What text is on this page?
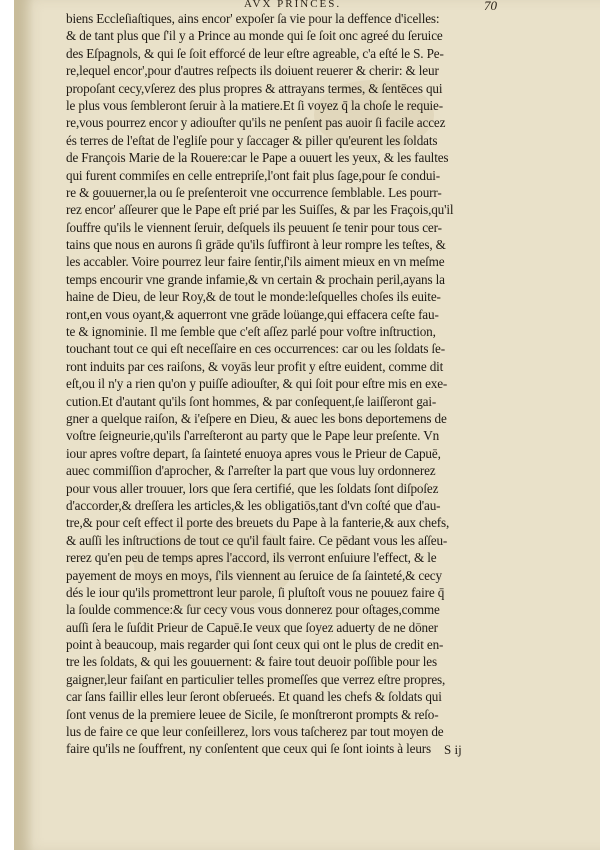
AVX PRINCES.	70
biens Eccleſiaſtiques, ains encor' expoſer ſa vie pour la deffence d'icelles:
& de tant plus que ſ'il y a Prince au monde qui ſe ſoit onc agreé du ſeruice
des Eſpagnols, & qui ſe ſoit efforcé de leur eſtre agreable, c'a eſté le S. Pe-
re,lequel encor',pour d'autres reſpects ils doiuent reuerer & cherir: & leur
propoſant cecy,vſerez des plus propres & attrayans termes, & ſentēces qui
le plus vous ſembleront ſeruir à la matiere.Et ſi voyez q̄ la choſe le requie-
re,vous pourrez encor y adiouſter qu'ils ne penſent pas auoir ſi facile accez
és terres de l'eſtat de l'egliſe pour y ſaccager & piller qu'eurent les ſoldats
de François Marie de la Rouere:car le Pape a ouuert les yeux, & les faultes
qui furent commiſes en celle entrepriſe,l'ont fait plus ſage,pour ſe condui-
re & gouuerner,la ou ſe preſenteroit vne occurrence ſemblable. Les pourr-
rez encor' aſſeurer que le Pape eſt prié par les Suiſſes, & par les Fraçois,qu'il
ſouffre qu'ils le viennent ſeruir, deſquels ils peuuent ſe tenir pour tous cer-
tains que nous en aurons ſi grāde qu'ils ſuffiront à leur rompre les teſtes, &
les accabler. Voire pourrez leur faire ſentir,ſ'ils aiment mieux en vn meſme
temps encourir vne grande infamie,& vn certain & prochain peril,ayans la
haine de Dieu, de leur Roy,& de tout le monde:leſquelles choſes ils euite-
ront,en vous oyant,& aquerront vne grāde loüange,qui effacera ceſte fau-
te & ignominie. Il me ſemble que c'eſt aſſez parlé pour voſtre inſtruction,
touchant tout ce qui eſt neceſſaire en ces occurrences: car ou les ſoldats ſe-
ront induits par ces raiſons, & voyās leur profit y eſtre euident, comme dit
eſt,ou il n'y a rien qu'on y puiſſe adiouſter, & qui ſoit pour eſtre mis en exe-
cution.Et d'autant qu'ils ſont hommes, & par conſequent,ſe laiſſeront gai-
gner a quelque raiſon, & i'eſpere en Dieu, & auec les bons deportemens de
voſtre ſeigneurie,qu'ils ſ'arreſteront au party que le Pape leur preſente. Vn
iour apres voſtre depart, ſa ſainteté enuoya apres vous le Prieur de Capuē,
auec commiſſion d'aprocher, & ſ'arreſter la part que vous luy ordonnerez
pour vous aller trouuer, lors que ſera certifié, que les ſoldats ſont diſpoſez
d'accorder,& dreſſera les articles,& les obligatiōs,tant d'vn coſté que d'au-
tre,& pour ceſt effect il porte des breuets du Pape à la fanterie,& aux chefs,
& auſſi les inſtructions de tout ce qu'il fault faire. Ce pēdant vous les aſſeu-
rerez qu'en peu de temps apres l'accord, ils verront enſuiure l'effect, & le
payement de moys en moys, ſ'ils viennent au ſeruice de ſa ſainteté,& cecy
dés le iour qu'ils promettront leur parole, ſi pluſtoſt vous ne pouuez faire q̄
la ſoulde commence:& ſur cecy vous vous donnerez pour oſtages,comme
auſſi ſera le ſuſdit Prieur de Capuē.Ie veux que ſoyez aduerty de ne dōner
point à beaucoup, mais regarder qui ſont ceux qui ont le plus de credit en-
tre les ſoldats, & qui les gouuernent: & faire tout deuoir poſſible pour les
gaigner,leur faiſant en particulier telles promeſſes que verrez eſtre propres,
car ſans faillir elles leur ſeront obſerueés. Et quand les chefs & ſoldats qui
ſont venus de la premiere leuee de Sicile, ſe monſtreront prompts & reſo-
lus de faire ce que leur conſeillerez, lors vous taſcherez par tout moyen de
faire qu'ils ne ſouffrent, ny conſentent que ceux qui ſe ſont ioints à leurs S ij
